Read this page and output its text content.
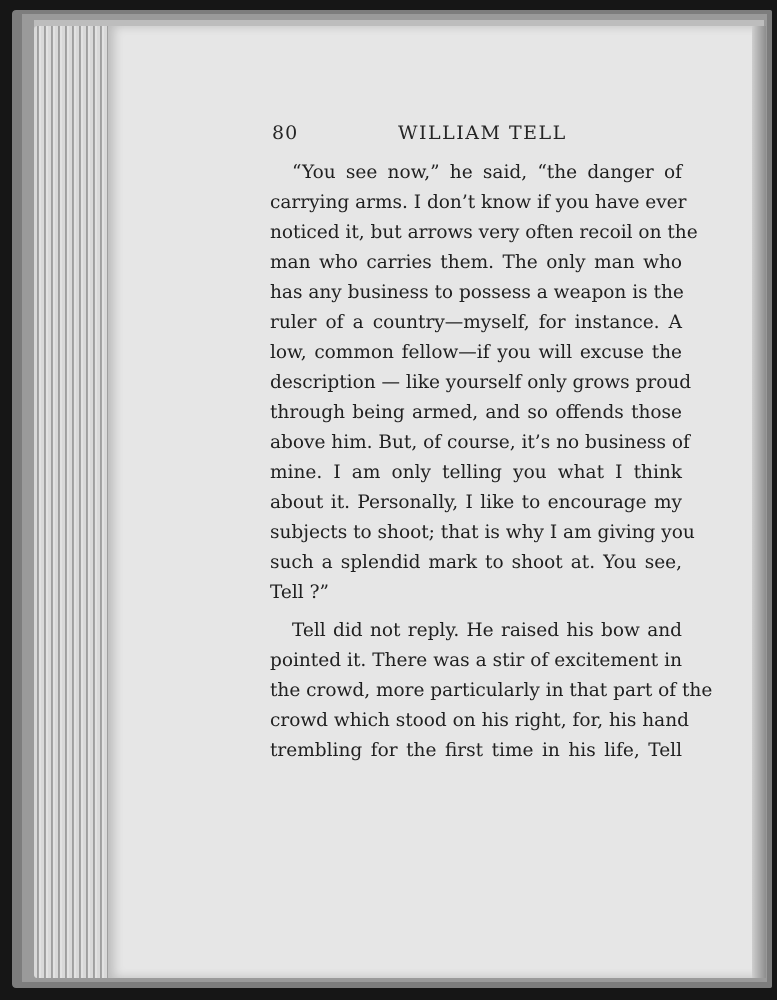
80	WILLIAM TELL
“You see now,” he said, “the danger of
carrying arms. I don’t know if you have ever
noticed it, but arrows very often recoil on the
man who carries them. The only man who
has any business to possess a weapon is the
ruler of a country—myself, for instance. A
low, common fellow—if you will excuse the
description — like yourself only grows proud
through being armed, and so offends those
above him. But, of course, it’s no business of
mine. I am only telling you what I think
about it. Personally, I like to encourage my
subjects to shoot; that is why I am giving you
such a splendid mark to shoot at. You see,
Tell ?”
Tell did not reply. He raised his bow and
pointed it. There was a stir of excitement in
the crowd, more particularly in that part of the
crowd which stood on his right, for, his hand
trembling for the first time in his life, Tell
